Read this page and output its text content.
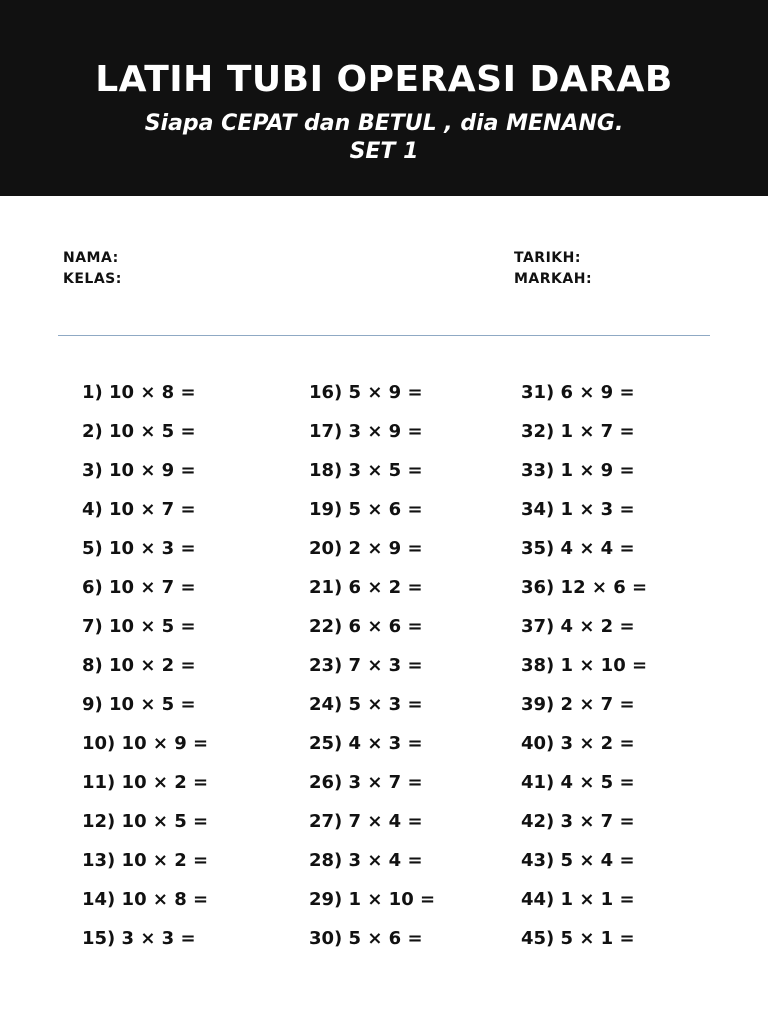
LATIH TUBI OPERASI DARAB
Siapa CEPAT dan BETUL , dia MENANG.
SET 1
NAMA:
KELAS:
TARIKH:
MARKAH:
1) 10 × 8 =
2) 10 × 5 =
3) 10 × 9 =
4) 10 × 7 =
5) 10 × 3 =
6) 10 × 7 =
7) 10 × 5 =
8) 10 × 2 =
9) 10 × 5 =
10) 10 × 9 =
11) 10 × 2 =
12) 10 × 5 =
13) 10 × 2 =
14) 10 × 8 =
15) 3 × 3 =
16) 5 × 9 =
17) 3 × 9 =
18) 3 × 5 =
19) 5 × 6 =
20) 2 × 9 =
21) 6 × 2 =
22) 6 × 6 =
23) 7 × 3 =
24) 5 × 3 =
25) 4 × 3 =
26) 3 × 7 =
27) 7 × 4 =
28) 3 × 4 =
29) 1 × 10 =
30) 5 × 6 =
31) 6 × 9 =
32) 1 × 7 =
33) 1 × 9 =
34) 1 × 3 =
35) 4 × 4 =
36) 12 × 6 =
37) 4 × 2 =
38) 1 × 10 =
39) 2 × 7 =
40) 3 × 2 =
41) 4 × 5 =
42) 3 × 7 =
43) 5 × 4 =
44) 1 × 1 =
45) 5 × 1 =
